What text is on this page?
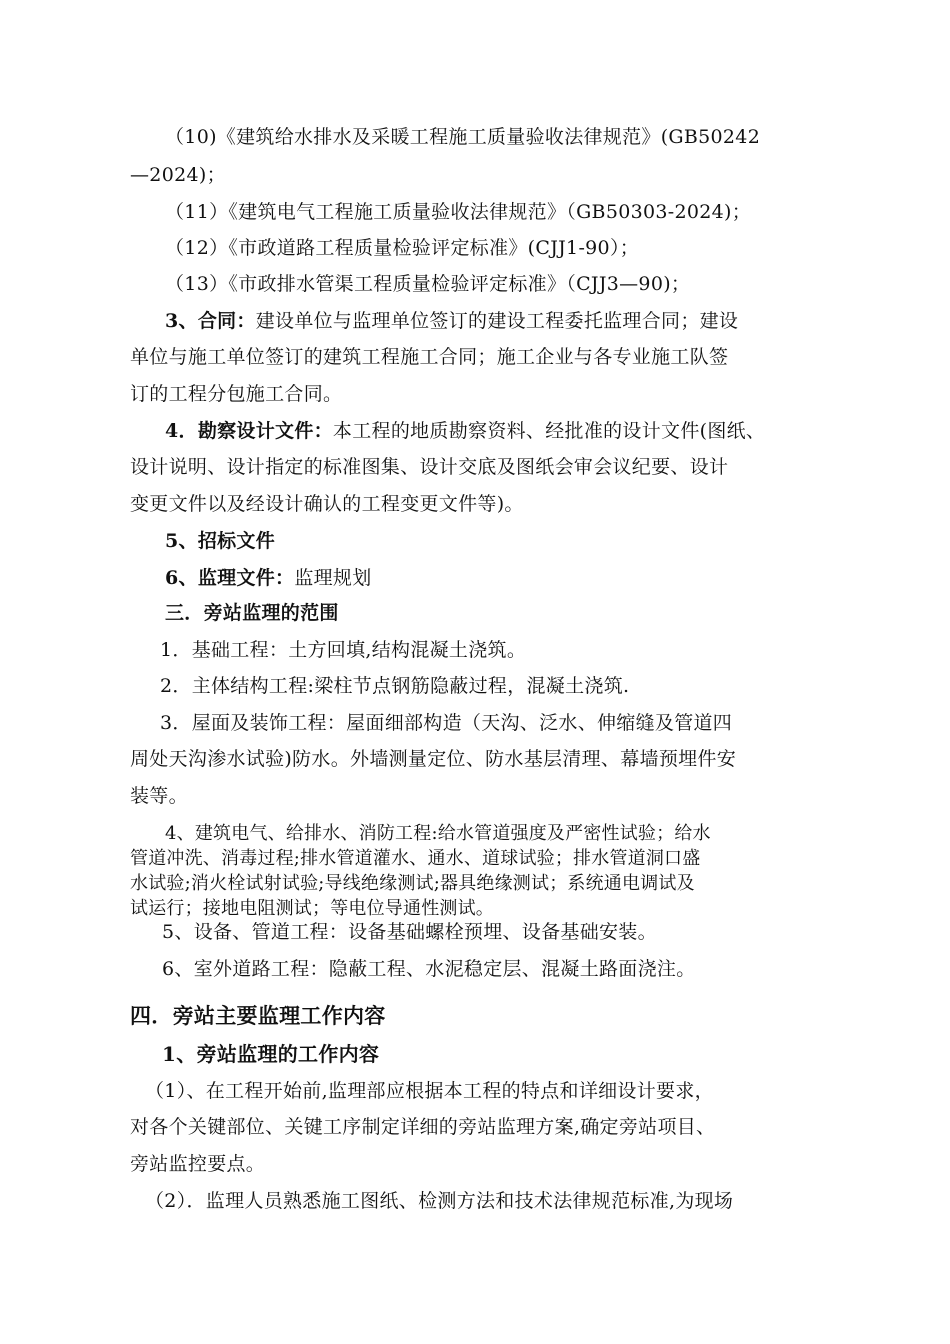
（10)《建筑给水排水及采暖工程施工质量验收法律规范》(GB50242
—2024)；
（11）《建筑电气工程施工质量验收法律规范》（GB50303-2024)；
（12）《市政道路工程质量检验评定标准》(CJJ1-90）；
（13）《市政排水管渠工程质量检验评定标准》（CJJ3—90)；
3、合同：建设单位与监理单位签订的建设工程委托监理合同；建设
单位与施工单位签订的建筑工程施工合同；施工企业与各专业施工队签
订的工程分包施工合同。
4．勘察设计文件：本工程的地质勘察资料、经批准的设计文件(图纸、
设计说明、设计指定的标准图集、设计交底及图纸会审会议纪要、设计
变更文件以及经设计确认的工程变更文件等)。
5、招标文件
6、监理文件：监理规划
三．旁站监理的范围
1．基础工程：土方回填,结构混凝土浇筑。
2．主体结构工程:梁柱节点钢筋隐蔽过程，混凝土浇筑.
3．屋面及装饰工程：屋面细部构造（天沟、泛水、伸缩缝及管道四
周处天沟渗水试验)防水。外墙测量定位、防水基层清理、幕墙预埋件安
装等。
4、建筑电气、给排水、消防工程:给水管道强度及严密性试验；给水
管道冲洗、消毒过程;排水管道灌水、通水、道球试验；排水管道洞口盛
水试验;消火栓试射试验;导线绝缘测试;器具绝缘测试；系统通电调试及
试运行；接地电阻测试；等电位导通性测试。
5、设备、管道工程：设备基础螺栓预埋、设备基础安装。
6、室外道路工程：隐蔽工程、水泥稳定层、混凝土路面浇注。
四．旁站主要监理工作内容
1、旁站监理的工作内容
（1）、在工程开始前,监理部应根据本工程的特点和详细设计要求，
对各个关键部位、关键工序制定详细的旁站监理方案,确定旁站项目、
旁站监控要点。
（2）．监理人员熟悉施工图纸、检测方法和技术法律规范标准,为现场
